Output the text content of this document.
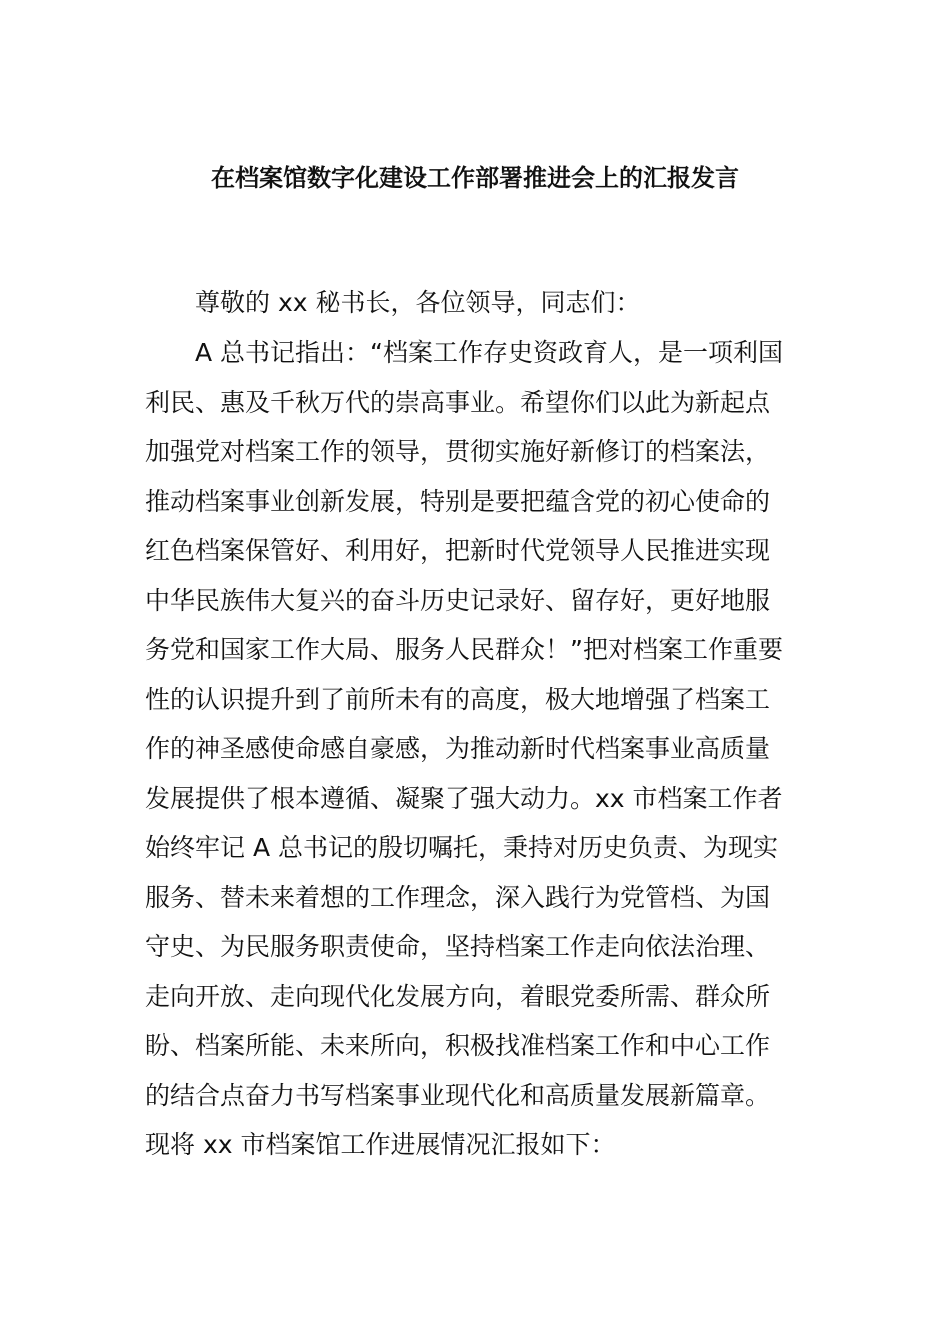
在档案馆数字化建设工作部署推进会上的汇报发言

尊敬的 xx 秘书长，各位领导，同志们：

A 总书记指出：“档案工作存史资政育人，是一项利国

利民、惠及千秋万代的崇高事业。希望你们以此为新起点

加强党对档案工作的领导，贯彻实施好新修订的档案法，

推动档案事业创新发展，特别是要把蕴含党的初心使命的

红色档案保管好、利用好，把新时代党领导人民推进实现

中华民族伟大复兴的奋斗历史记录好、留存好，更好地服

务党和国家工作大局、服务人民群众！”把对档案工作重要

性的认识提升到了前所未有的高度，极大地增强了档案工

作的神圣感使命感自豪感，为推动新时代档案事业高质量

发展提供了根本遵循、凝聚了强大动力。xx 市档案工作者

始终牢记 A 总书记的殷切嘱托，秉持对历史负责、为现实

服务、替未来着想的工作理念，深入践行为党管档、为国

守史、为民服务职责使命，坚持档案工作走向依法治理、

走向开放、走向现代化发展方向，着眼党委所需、群众所

盼、档案所能、未来所向，积极找准档案工作和中心工作

的结合点奋力书写档案事业现代化和高质量发展新篇章。

现将 xx 市档案馆工作进展情况汇报如下：
